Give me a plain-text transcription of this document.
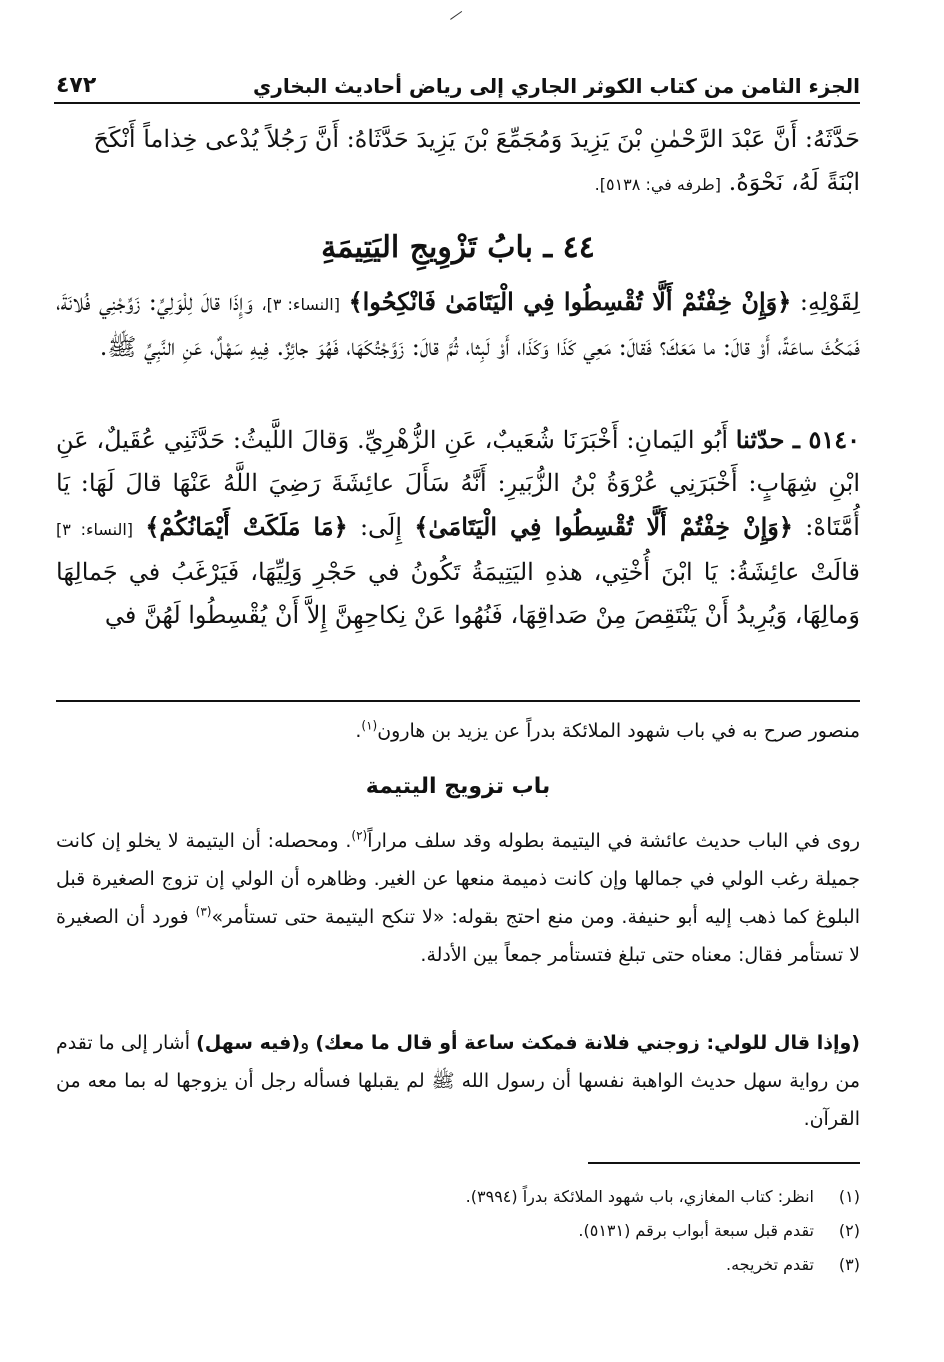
٤٧٢	الجزء الثامن من كتاب الكوثر الجاري إلى رياض أحاديث البخاري
حَدَّثَهُ: أَنَّ عَبْدَ الرَّحْمٰنِ بْنَ يَزِيدَ وَمُجَمِّعَ بْنَ يَزِيدَ حَدَّثَاهُ: أَنَّ رَجُلاً يُدْعى خِذاماً أَنْكَحَ
ابْنَةً لَهُ، نَحْوَهُ. [طرفه في: ٥١٣٨].
٤٤ ـ بابُ تَزْوِيجِ اليَتِيمَةِ
لِقَوْلِهِ: ﴿وَإِنْ خِفْتُمْ أَلَّا تُقْسِطُوا فِي الْيَتَامَىٰ فَانْكِحُوا﴾ [النساء: ٣]، وَإِذَا قالَ لِلْوَلِيِّ: زَوِّجْنِي فُلانَةَ، فَمَكُثَ ساعَةً، أَوْ قالَ: ما مَعَكَ؟ فَقالَ: مَعِي كَذَا وَكَذَا، أَوْ لَبِثا، ثُمَّ قالَ: زَوَّجْتُكَهَا، فَهُوَ جائِزٌ. فِيهِ سَهْلٌ، عَنِ النَّبِيِّ ﷺ.
٥١٤٠ ـ حدّثنا أَبُو اليَمانِ: أَخْبَرَنَا شُعَيبٌ، عَنِ الزُّهْرِيِّ. وَقالَ اللَّيثُ: حَدَّثَنِي عُقَيلٌ، عَنِ ابْنِ شِهَابٍ: أَخْبَرَنِي عُرْوَةُ بْنُ الزُّبَيرِ: أَنَّهُ سَأَلَ عائِشَةَ رَضِيَ اللَّهُ عَنْهَا قالَ لَهَا: يَا أُمَّتَاهْ: ﴿وَإِنْ خِفْتُمْ أَلَّا تُقْسِطُوا فِي الْيَتَامَىٰ﴾ إِلَى: ﴿مَا مَلَكَتْ أَيْمَانُكُمْ﴾ [النساء: ٣] قالَتْ عائِشَةُ: يَا ابْنَ أُخْتِي، هذهِ اليَتِيمَةُ تَكُونُ في حَجْرِ وَلِيِّهَا، فَيَرْغَبُ في جَمالِهَا وَمالِهَا، وَيُرِيدُ أَنْ يَنْتَقِصَ مِنْ صَداقِهَا، فَنُهُوا عَنْ نِكاحِهِنَّ إِلاَّ أَنْ يُقْسِطُوا لَهُنَّ في
منصور صرح به في باب شهود الملائكة بدراً عن يزيد بن هارون$^{(١)}$.
باب تزويج اليتيمة
روى في الباب حديث عائشة في اليتيمة بطوله وقد سلف مراراً$^{(٢)}$. ومحصله: أن اليتيمة لا يخلو إن كانت جميلة رغب الولي في جمالها وإن كانت ذميمة منعها عن الغير. وظاهره أن الولي إن تزوج الصغيرة قبل البلوغ كما ذهب إليه أبو حنيفة. ومن منع احتج بقوله: «لا تنكح اليتيمة حتى تستأمر»$^{(٣)}$ فورد أن الصغيرة لا تستأمر فقال: معناه حتى تبلغ فتستأمر جمعاً بين الأدلة.
(وإذا قال للولي: زوجني فلانة فمكث ساعة أو قال ما معك) و(فيه سهل) أشار إلى ما تقدم من رواية سهل حديث الواهبة نفسها أن رسول الله ﷺ لم يقبلها فسأله رجل أن يزوجها له بما معه من القرآن.
(١)
انظر: كتاب المغازي، باب شهود الملائكة بدراً (٣٩٩٤).
(٢)
تقدم قبل سبعة أبواب برقم (٥١٣١).
(٣)
تقدم تخريجه.
